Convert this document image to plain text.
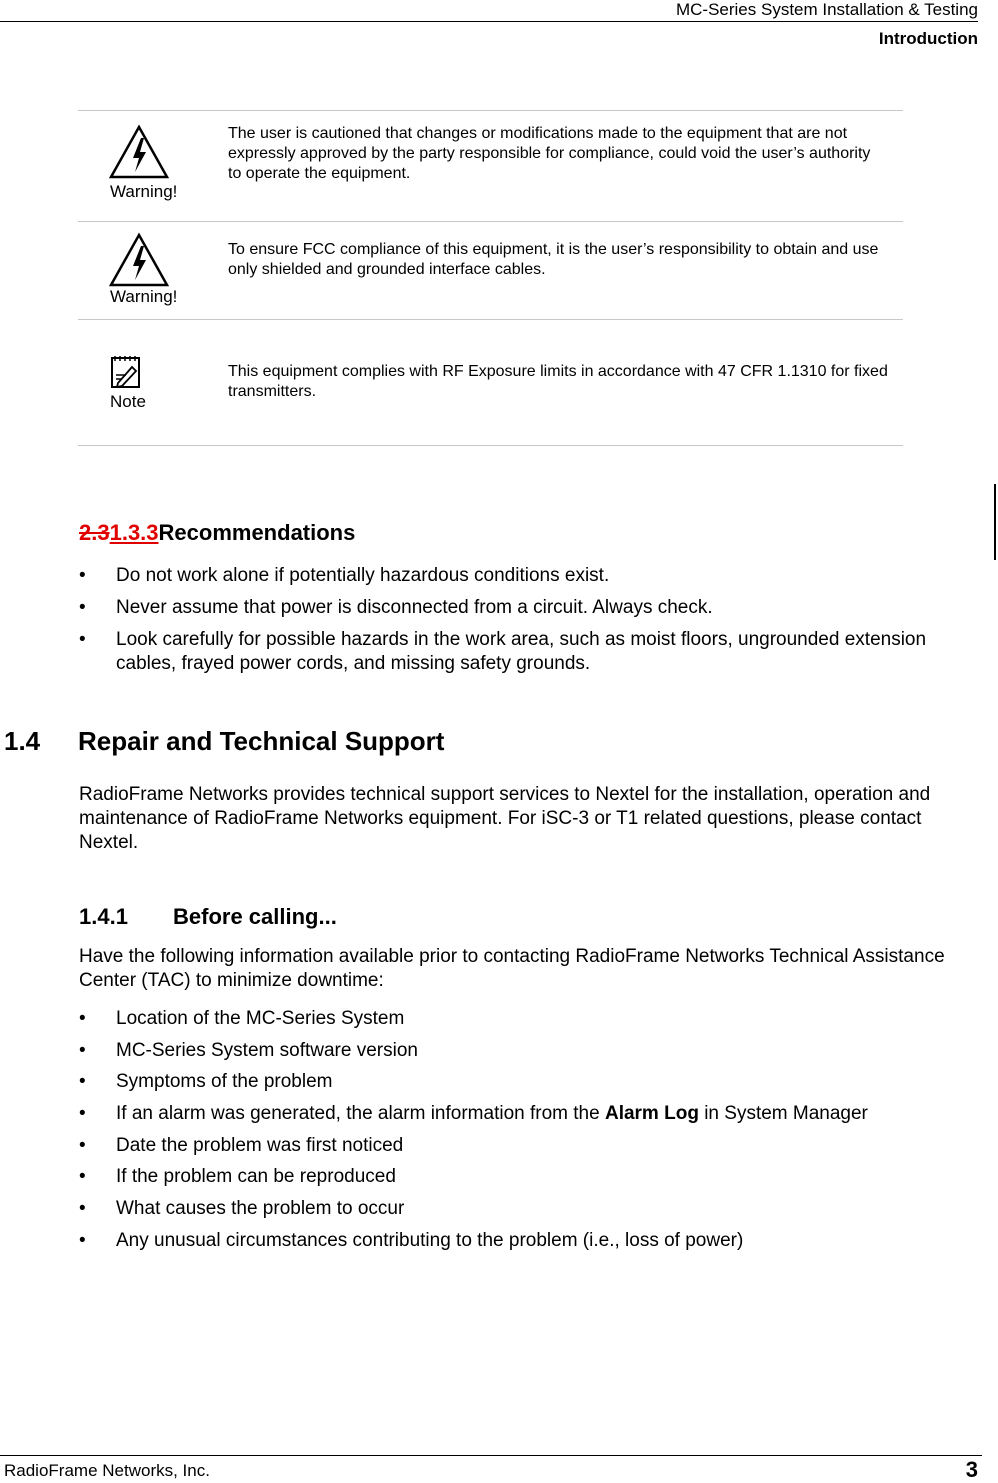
MC-Series System Installation & Testing
Introduction
Warning!
The user is cautioned that changes or modifications made to the equipment that are not expressly approved by the party responsible for compliance, could void the user’s authority to operate the equipment.
Warning!
To ensure FCC compliance of this equipment, it is the user’s responsibility to obtain and use only shielded and grounded interface cables.
Note
This equipment complies with RF Exposure limits in accordance with 47 CFR 1.1310 for fixed transmitters.
2.31.3.3Recommendations
• Do not work alone if potentially hazardous conditions exist.
• Never assume that power is disconnected from a circuit. Always check.
• Look carefully for possible hazards in the work area, such as moist floors, ungrounded extension cables, frayed power cords, and missing safety grounds.
1.4 Repair and Technical Support
RadioFrame Networks provides technical support services to Nextel for the installation, operation and maintenance of RadioFrame Networks equipment. For iSC-3 or T1 related questions, please contact Nextel.
1.4.1 Before calling...
Have the following information available prior to contacting RadioFrame Networks Technical Assistance Center (TAC) to minimize downtime:
• Location of the MC-Series System
• MC-Series System software version
• Symptoms of the problem
• If an alarm was generated, the alarm information from the Alarm Log in System Manager
• Date the problem was first noticed
• If the problem can be reproduced
• What causes the problem to occur
• Any unusual circumstances contributing to the problem (i.e., loss of power)
RadioFrame Networks, Inc.	3
